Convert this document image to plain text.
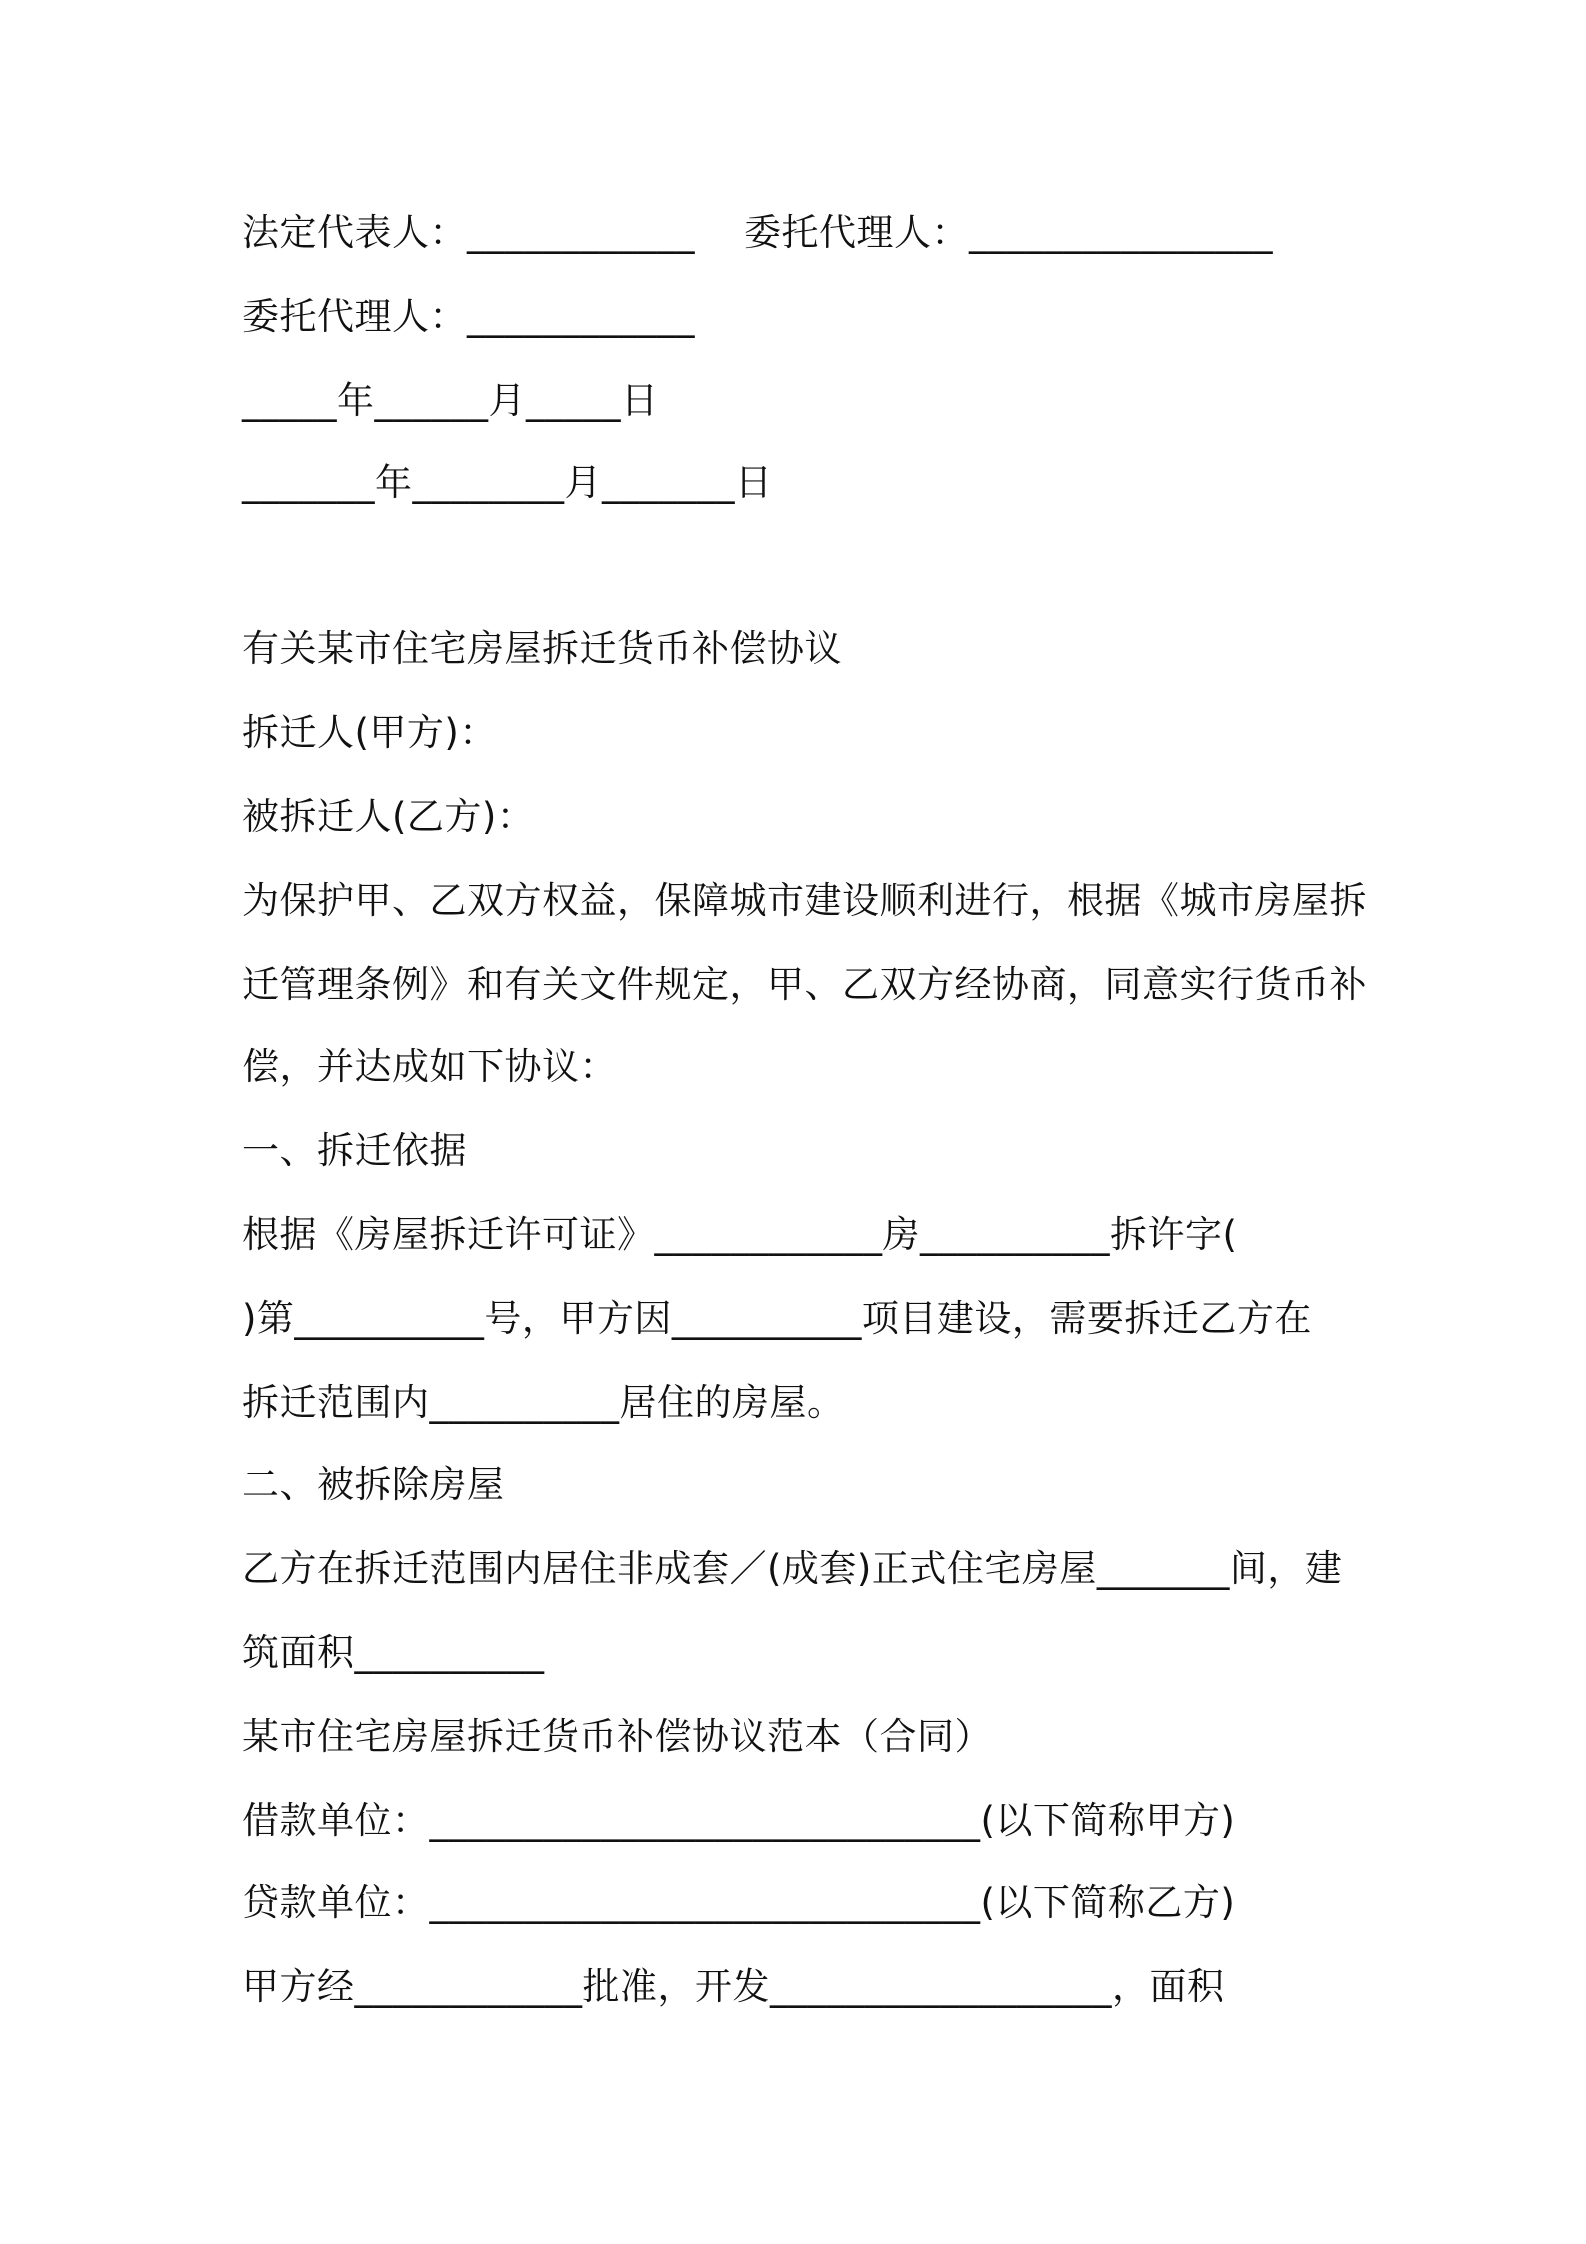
法定代表人：____________    委托代理人：________________
委托代理人：____________
_____年______月_____日
_______年________月_______日
有关某市住宅房屋拆迁货币补偿协议
拆迁人(甲方)：
被拆迁人(乙方)：
为保护甲、乙双方权益，保障城市建设顺利进行，根据《城市房屋拆
迁管理条例》和有关文件规定，甲、乙双方经协商，同意实行货币补
偿，并达成如下协议：
一、拆迁依据
根据《房屋拆迁许可证》____________房__________拆许字(
)第__________号，甲方因__________项目建设，需要拆迁乙方在
拆迁范围内__________居住的房屋。
二、被拆除房屋
乙方在拆迁范围内居住非成套／(成套)正式住宅房屋_______间，建
筑面积__________
某市住宅房屋拆迁货币补偿协议范本（合同）
借款单位：_____________________________(以下简称甲方)
贷款单位：_____________________________(以下简称乙方)
甲方经____________批准，开发__________________，面积
